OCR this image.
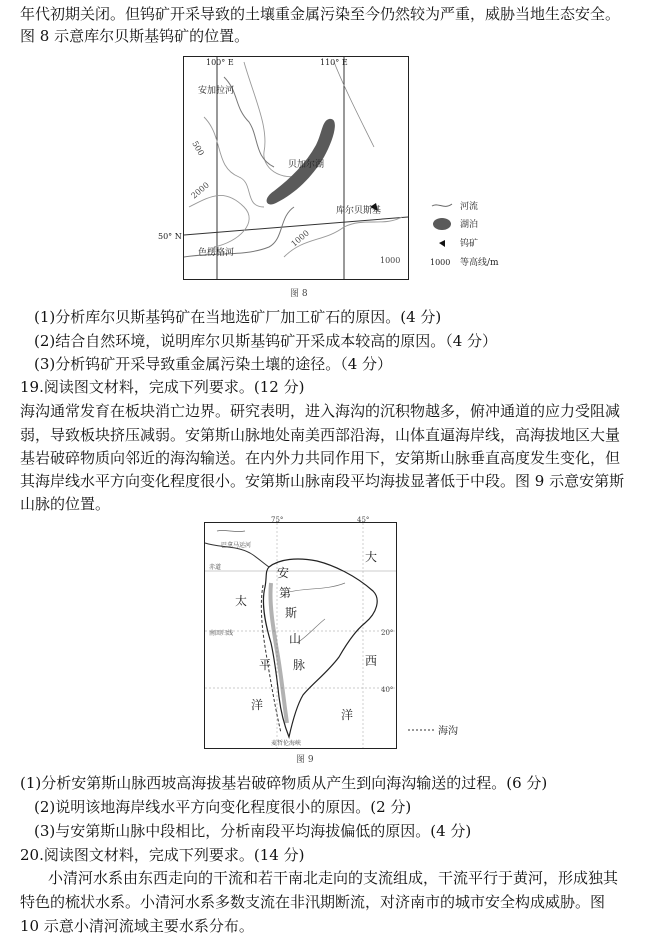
年代初期关闭。但钨矿开采导致的土壤重金属污染至今仍然较为严重，威胁当地生态安全。
图 8 示意库尔贝斯基钨矿的位置。
100° E	110° E
50° N
安加拉河
贝加尔湖
库尔贝斯基
色楞格河
500
2000
1000
1000
河流
湖泊
钨矿
1000 等高线/m
图 8
(1)分析库尔贝斯基钨矿在当地选矿厂加工矿石的原因。(4 分)
(2)结合自然环境，说明库尔贝斯基钨矿开采成本较高的原因。（4 分）
(3)分析钨矿开采导致重金属污染土壤的途径。（4 分）
19.阅读图文材料，完成下列要求。(12 分)
海沟通常发育在板块消亡边界。研究表明，进入海沟的沉积物越多，俯冲通道的应力受阻减
弱，导致板块挤压减弱。安第斯山脉地处南美西部沿海，山体直逼海岸线，高海拔地区大量
基岩破碎物质向邻近的海沟输送。在内外力共同作用下，安第斯山脉垂直高度发生变化，但
其海岸线水平方向变化程度很小。安第斯山脉南段平均海拔显著低于中段。图 9 示意安第斯
山脉的位置。
太
平
洋
大
西
洋
安
第
斯
山
脉
巴拿马运河
赤道
南回归线
麦哲伦海峡
75°	45°
20°
40°
海沟
图 9
(1)分析安第斯山脉西坡高海拔基岩破碎物质从产生到向海沟输送的过程。(6 分)
(2)说明该地海岸线水平方向变化程度很小的原因。(2 分)
(3)与安第斯山脉中段相比，分析南段平均海拔偏低的原因。(4 分)
20.阅读图文材料，完成下列要求。(14 分)
小清河水系由东西走向的干流和若干南北走向的支流组成，干流平行于黄河，形成独其
特色的梳状水系。小清河水系多数支流在非汛期断流，对济南市的城市安全构成威胁。图
10 示意小清河流域主要水系分布。
